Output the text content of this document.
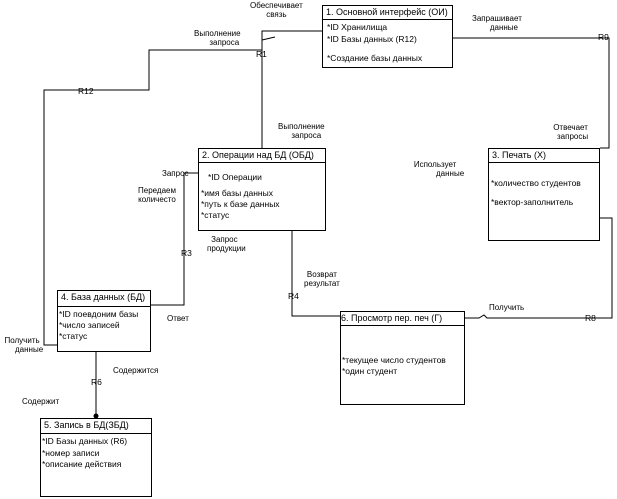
1. Основной интерфейс (ОИ)
*ID Хранилища
*ID Базы данных (R12)
*Создание базы данных
2. Операции над БД (ОБД)
*ID Операции
*имя базы данных
*путь к базе данных
*статус
3. Печать (Х)
*количество студентов
*вектор-заполнитель
4. База данных (БД)
*ID поевдоним базы
*число записей
*статус
5. Запись в БД(ЗБД)
*ID Базы данных (R6)
*номер записи
*описание действия
6. Просмотр пер. печ (Г)
*текущее число студентов
*один студент
R1
R12
R9
R3
R4
R8
R6
Обеспечивает
связь
Выполнение
запроса
Запрашивает
данные
Отвечает
запросы
Выполнение
запроса
Использует
данные
Запрос
Передаем
количесто
Запрос
продукции
Возврат
результат
Получить
Ответ
Получить
данные
Содержится
Содержит
